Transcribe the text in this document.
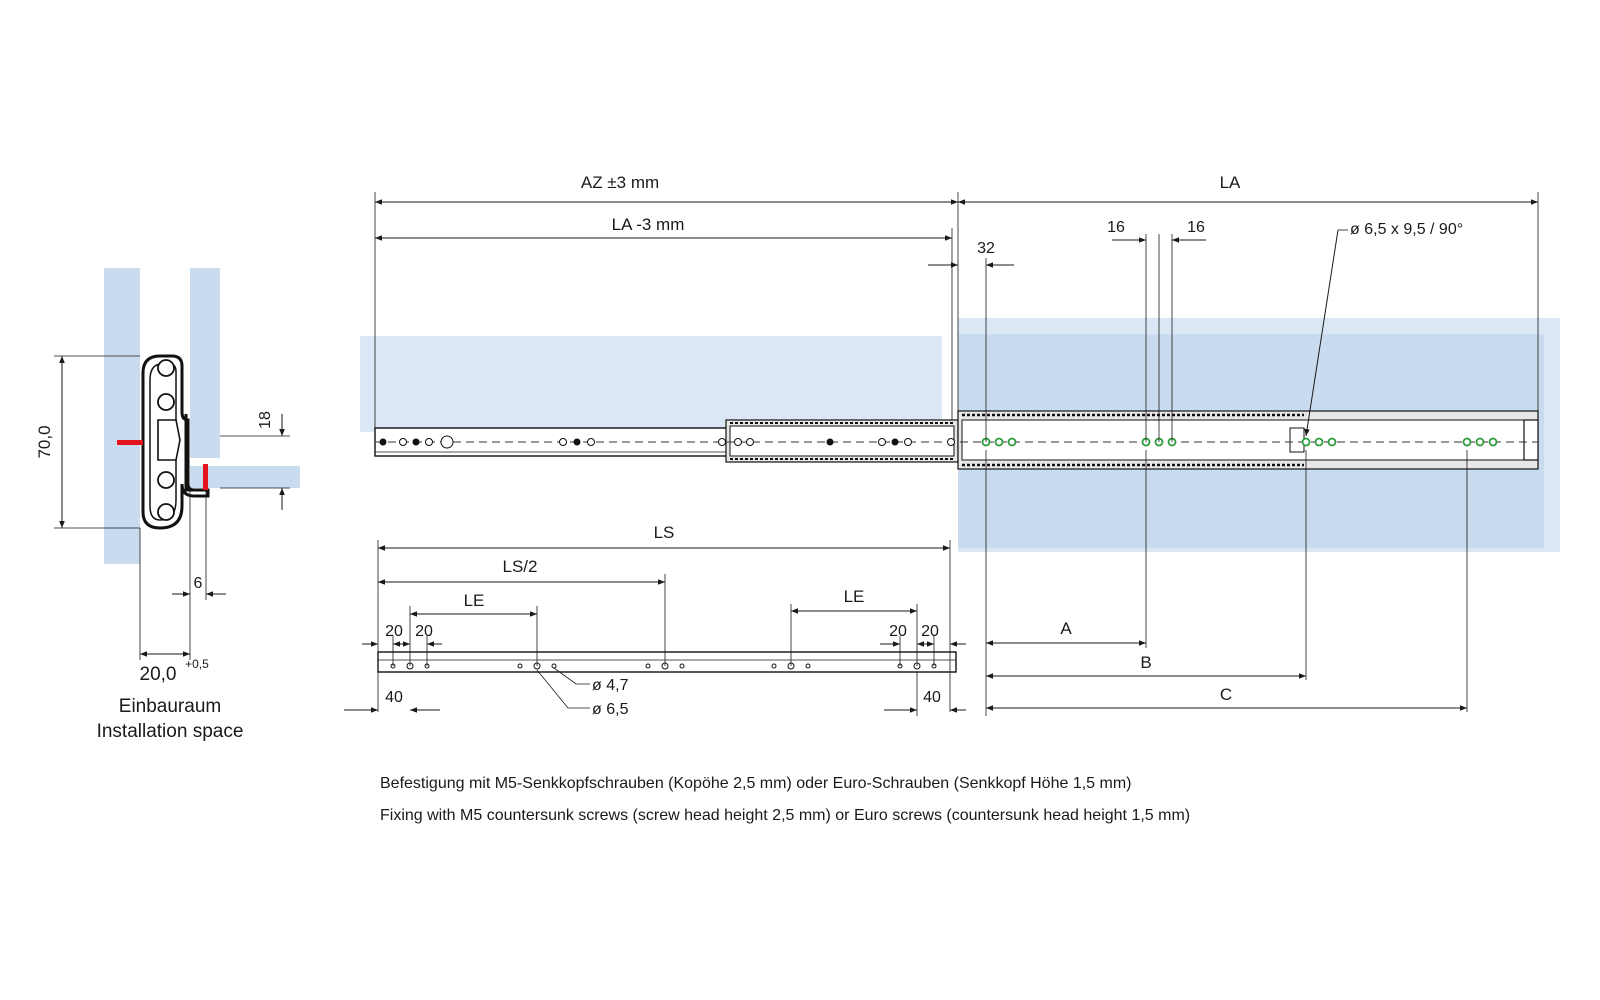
70,0
18
6
20,0 +0,5
Einbauraum
Installation space
AZ ±3 mm	LA
LA -3 mm
32
16	16	ø 6,5 x 9,5 / 90°
A
B
C
LS
LS/2
LE	LE
20 20	20 20
40	40
ø 4,7
ø 6,5
Befestigung mit M5-Senkkopfschrauben (Kopöhe 2,5 mm) oder Euro-Schrauben (Senkkopf Höhe 1,5 mm)
Fixing with M5 countersunk screws (screw head height 2,5 mm) or Euro screws (countersunk head height 1,5 mm)
